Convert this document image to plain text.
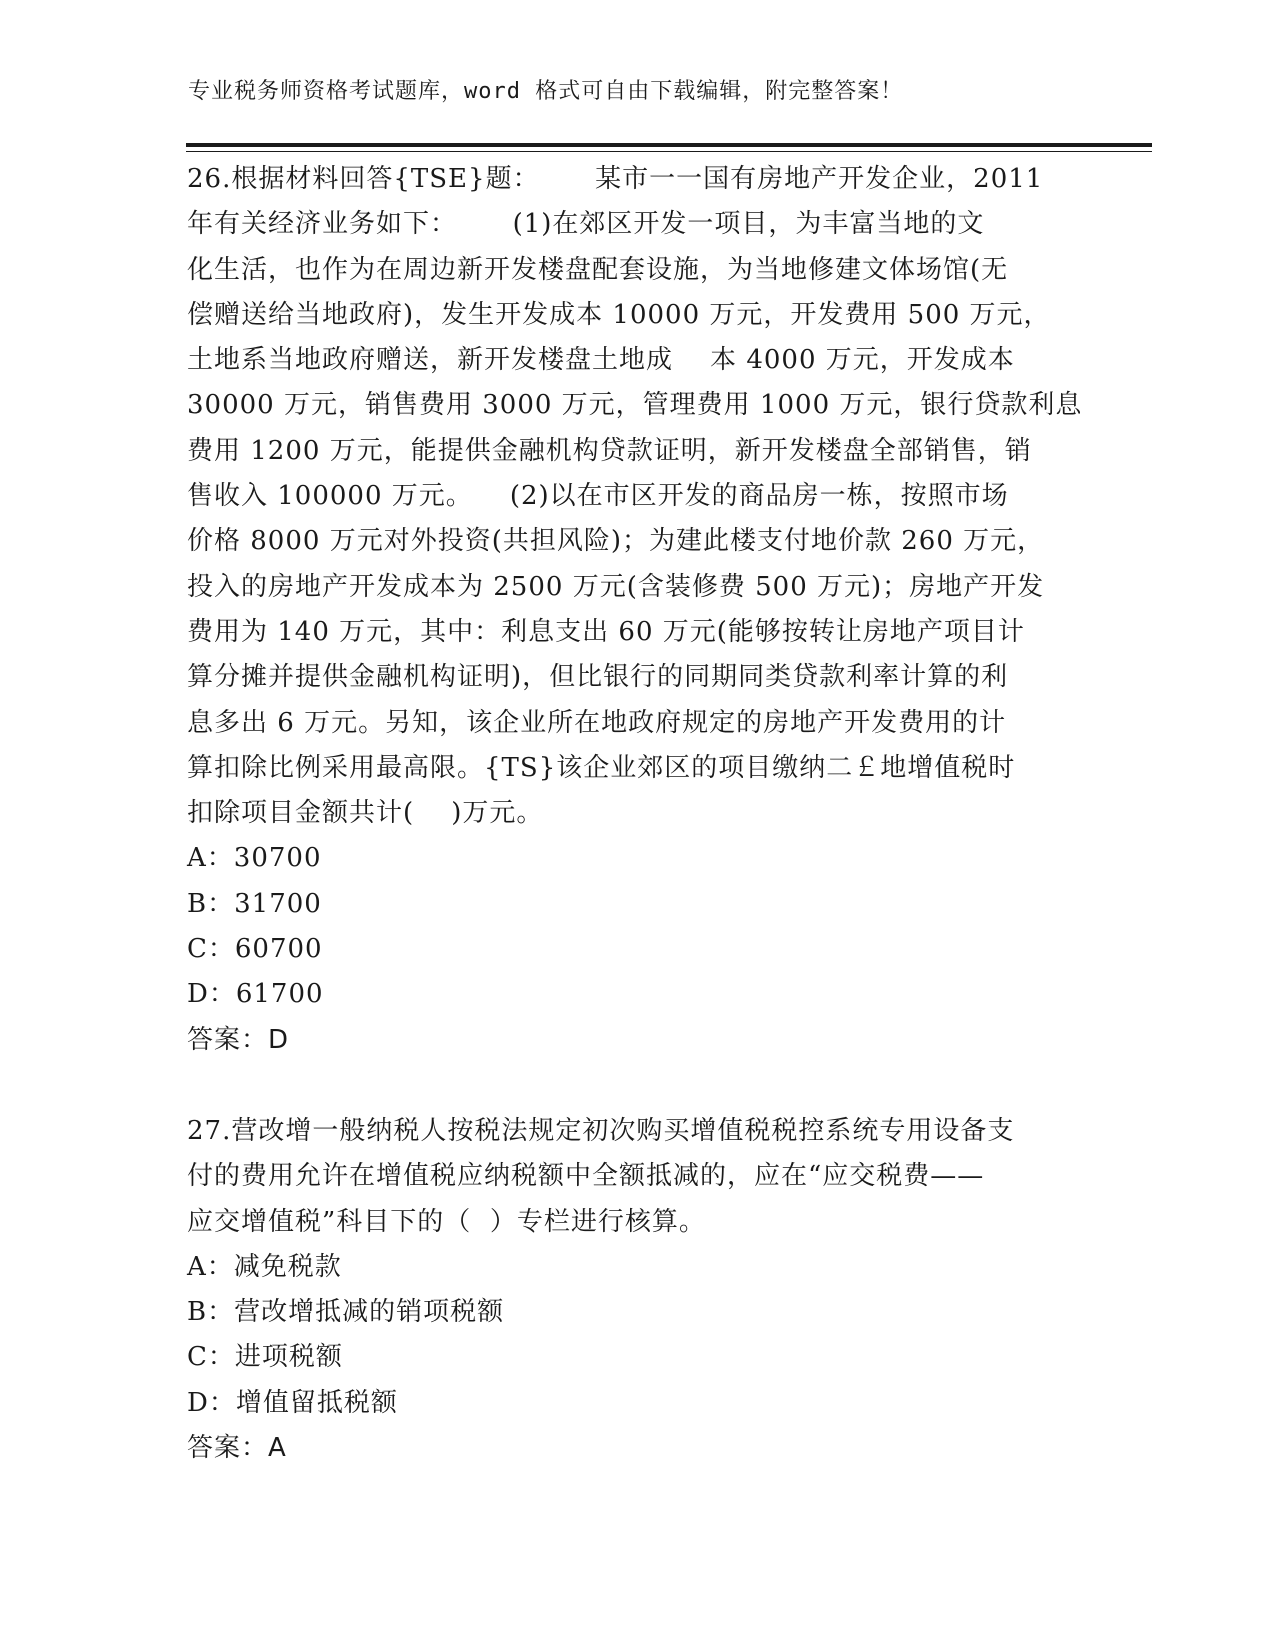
专业税务师资格考试题库，word 格式可自由下载编辑，附完整答案！
26.根据材料回答{TSE}题：      某市一一国有房地产开发企业，2011
年有关经济业务如下：      (1)在郊区开发一项目，为丰富当地的文
化生活，也作为在周边新开发楼盘配套设施，为当地修建文体场馆(无
偿赠送给当地政府)，发生开发成本 10000 万元，开发费用 500 万元，
土地系当地政府赠送，新开发楼盘土地成    本 4000 万元，开发成本
30000 万元，销售费用 3000 万元，管理费用 1000 万元，银行贷款利息
费用 1200 万元，能提供金融机构贷款证明，新开发楼盘全部销售，销
售收入 100000 万元。    (2)以在市区开发的商品房一栋，按照市场
价格 8000 万元对外投资(共担风险)；为建此楼支付地价款 260 万元，
投入的房地产开发成本为 2500 万元(含装修费 500 万元)；房地产开发
费用为 140 万元，其中：利息支出 60 万元(能够按转让房地产项目计
算分摊并提供金融机构证明)，但比银行的同期同类贷款利率计算的利
息多出 6 万元。另知，该企业所在地政府规定的房地产开发费用的计
算扣除比例采用最高限。{TS}该企业郊区的项目缴纳二￡地增值税时
扣除项目金额共计(    )万元。
A：30700
B：31700
C：60700
D：61700
答案：D
27.营改增一般纳税人按税法规定初次购买增值税税控系统专用设备支
付的费用允许在增值税应纳税额中全额抵减的，应在“应交税费——
应交增值税”科目下的（  ）专栏进行核算。
A：减免税款
B：营改增抵减的销项税额
C：进项税额
D：增值留抵税额
答案：A
